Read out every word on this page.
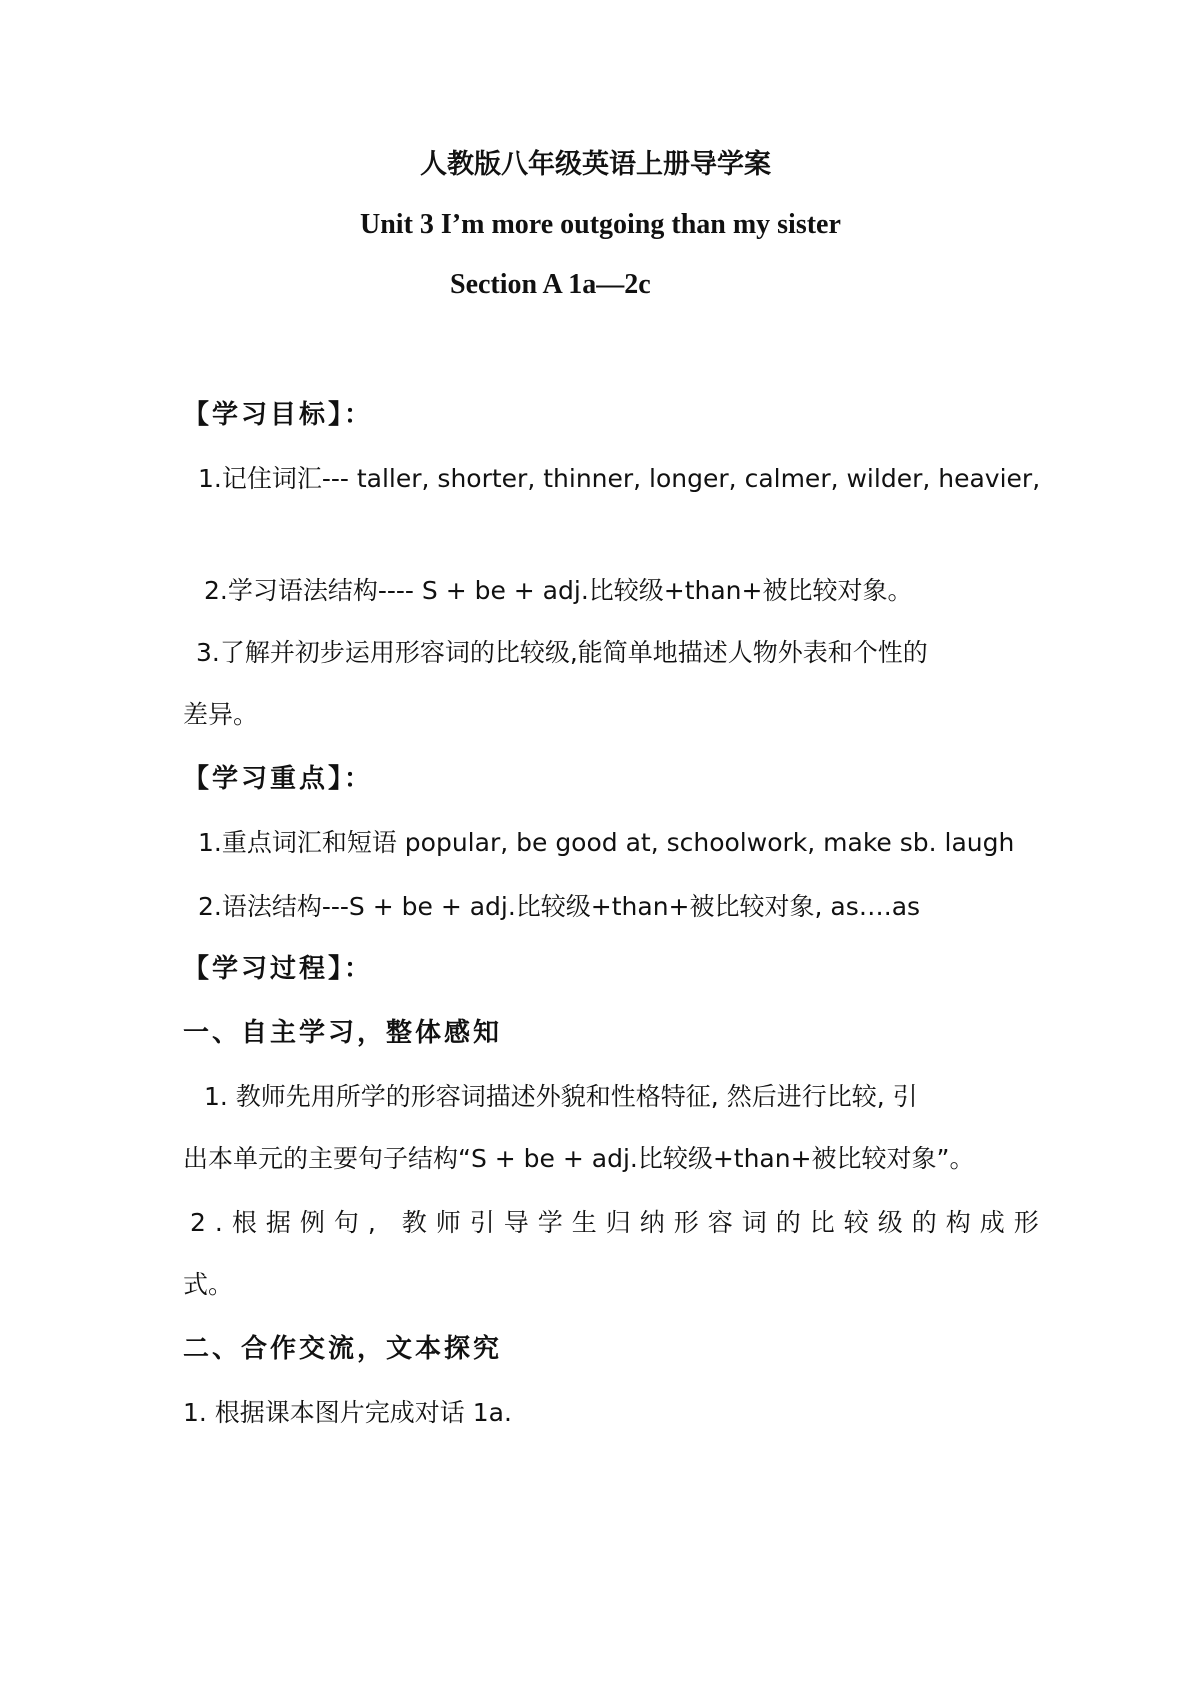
人教版八年级英语上册导学案
Unit 3 I’m more outgoing than my sister
Section A 1a—2c
【学习目标】：
1.记住词汇--- taller, shorter, thinner, longer, calmer, wilder, heavier,
2.学习语法结构---- S + be + adj.比较级+than+被比较对象。
3.了解并初步运用形容词的比较级,能简单地描述人物外表和个性的
差异。
【学习重点】：
1.重点词汇和短语 popular, be good at, schoolwork, make sb. laugh
2.语法结构---S + be + adj.比较级+than+被比较对象, as….as
【学习过程】：
一、自主学习，整体感知
1. 教师先用所学的形容词描述外貌和性格特征, 然后进行比较, 引
出本单元的主要句子结构“S + be + adj.比较级+than+被比较对象”。
2.根据例句, 教师引导学生归纳形容词的比较级的构成形
式。
二、合作交流，文本探究
1. 根据课本图片完成对话 1a.
